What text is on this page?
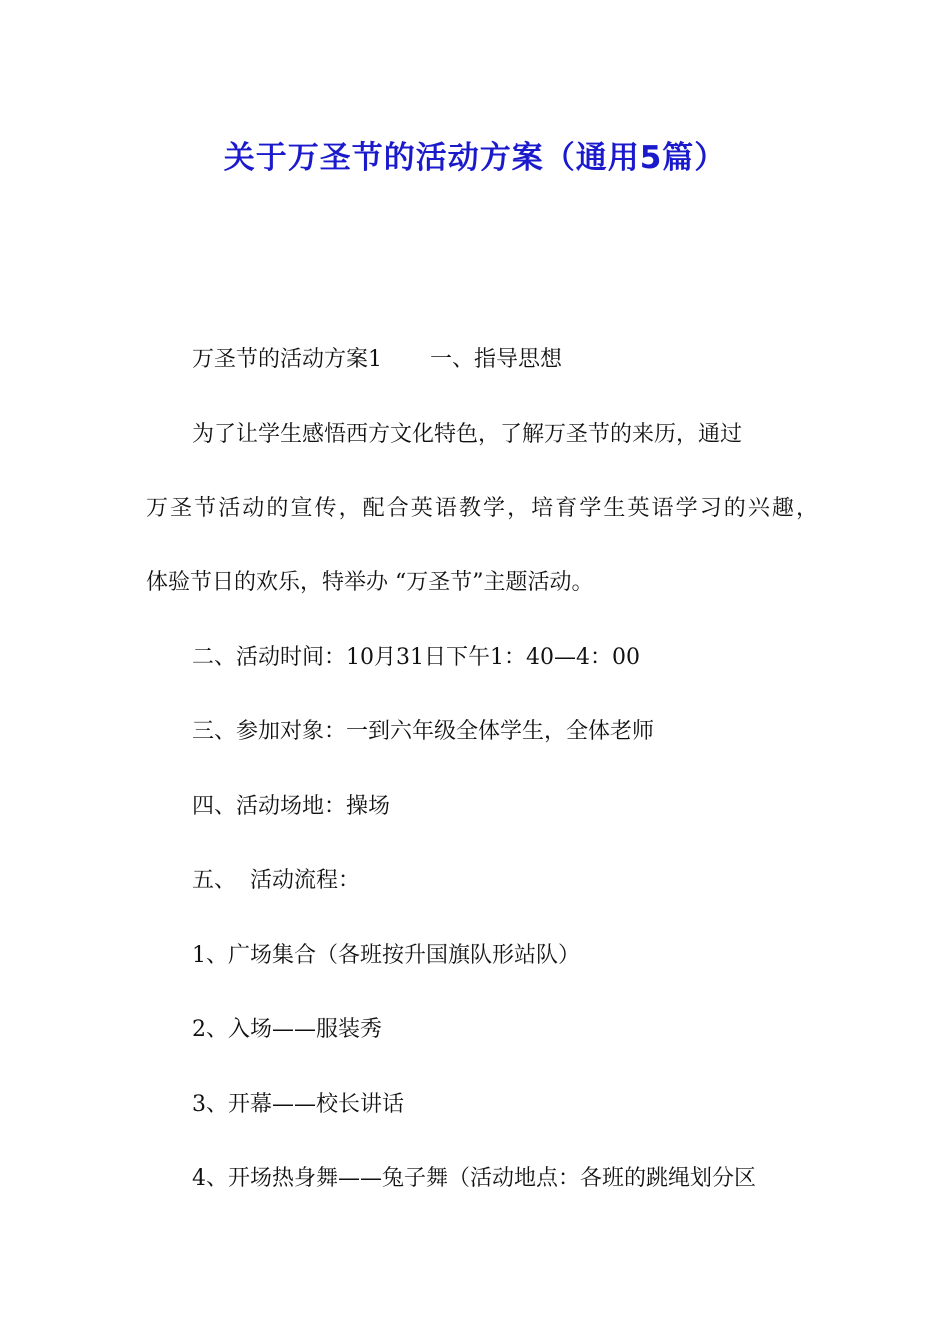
关于万圣节的活动方案（通用5篇）
万圣节的活动方案1 一、指导思想
为了让学生感悟西方文化特色，了解万圣节的来历，通过
万圣节活动的宣传，配合英语教学，培育学生英语学习的兴趣，
体验节日的欢乐，特举办 “万圣节”主题活动。
二、活动时间：10月31日下午1：40—4：00
三、参加对象：一到六年级全体学生，全体老师
四、活动场地：操场
五、  活动流程：
1、广场集合（各班按升国旗队形站队）
2、入场——服装秀
3、开幕——校长讲话
4、开场热身舞——兔子舞（活动地点：各班的跳绳划分区
